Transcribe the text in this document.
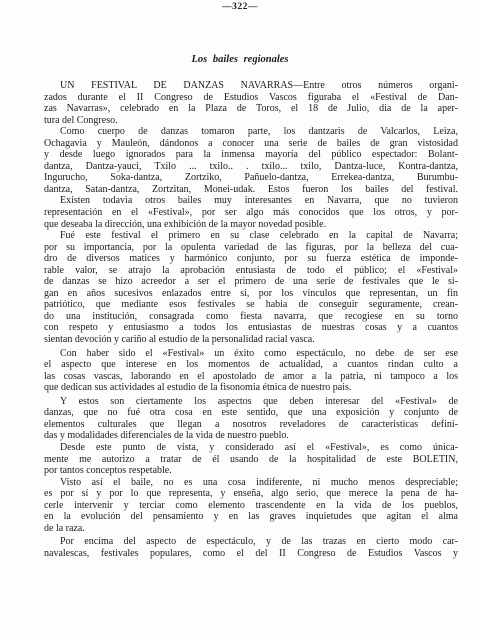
—322—
Los bailes regionales
UN FESTIVAL DE DANZAS NAVARRAS—Entre otros números organi-
zados durante el II Congreso de Estudios Vascos figuraba el «Festival de Dan-
zas Navarras», celebrado en la Plaza de Toros, el 18 de Julio, dia de la aper-
tura del Congreso.
Como cuerpo de danzas tomaron parte, los dantzaris de Valcarlos, Leiza,
Ochagavia y Mauleón, dándonos a conocer una serie de bailes de gran vistosidad
y desde luego ignorados para la inmensa mayoría del público espectador: Bolant-
dantza, Dantza-yauci, Txilo ... txilo.. . txilo... txilo, Dantza-luce, Kontra-dantza,
Ingurucho, Soka-dantza, Zortziko, Pañuelo-dantza, Errekea-dantza, Burumbu-
dantza, Satan-dantza, Zortzitan, Monei-udak. Estos fueron los bailes del festival.
Existen todavia otros bailes muy interesantes en Navarra, que no tuvieron
representación en el «Festival», por ser algo más conocidos que los otros, y por-
que deseaba la dirección, una exhibición de la mayor novedad posible.
Fué este festival el primero en su clase celebrado en la capital de Navarra;
por su importancia, por la opulenta variedad de las figuras, por la belleza del cua-
dro de diversos matices y harmónico conjunto, por su fuerza estética de imponde-
rable valor, se atrajo la aprobación entusiasta de todo el público; el «Festival»
de danzas se hizo acreedor a ser el primero de una serie de festivales que le si-
gan en años sucesivos enlazados entre si, por los vinculos que representan, un fin
patriótico, que mediante esos festivales se habia de conseguir seguramente, crean-
do una institución, consagrada como fiesta navarra, que recogiese en su torno
con respeto y entusiasmo a todos los entusiastas de nuestras cosas y a cuantos
sientan devoción y cariño al estudio de la personalidad racial vasca.
Con haber sido el «Festival» un éxito como espectáculo, no debe de ser ese
el aspecto que interese en los momentos de actualidad, a cuantos rindan culto a
las cosas vascas, laborando en el apostolado de amor a la patria, ni tampoco a los
que dedican sus actividades al estudio de la fisonomia étnica de nuestro pais.
Y estos son ciertamente los aspectos que deben interesar del «Festival» de
danzas, que no fué otra cosa en este sentido, que una exposición y conjunto de
elementos culturales que llegan a nosotros reveladores de caracteristicas defini-
das y modalidades diferenciales de la vida de nuestro pueblo.
Desde este punto de vista, y considerado así el «Festival», es como única-
mente me autorizo a tratar de él usando de la hospitalidad de este BOLETIN,
por tantos conceptos respetable.
Visto así el baile, no es una cosa indiferente, ni mucho menos despreciable;
es por sí y por lo que representa, y enseña, algo serio, que merece la pena de ha-
cerle intervenir y terciar como elemento trascendente en la vida de los pueblos,
en la evolución del pensamiento y en las graves inquietudes que agitan el alma
de la raza.
Por encima del aspecto de espectáculo, y de las trazas en cierto modo car-
navalescas, festivales populares, como el del II Congreso de Estudios Vascos y
